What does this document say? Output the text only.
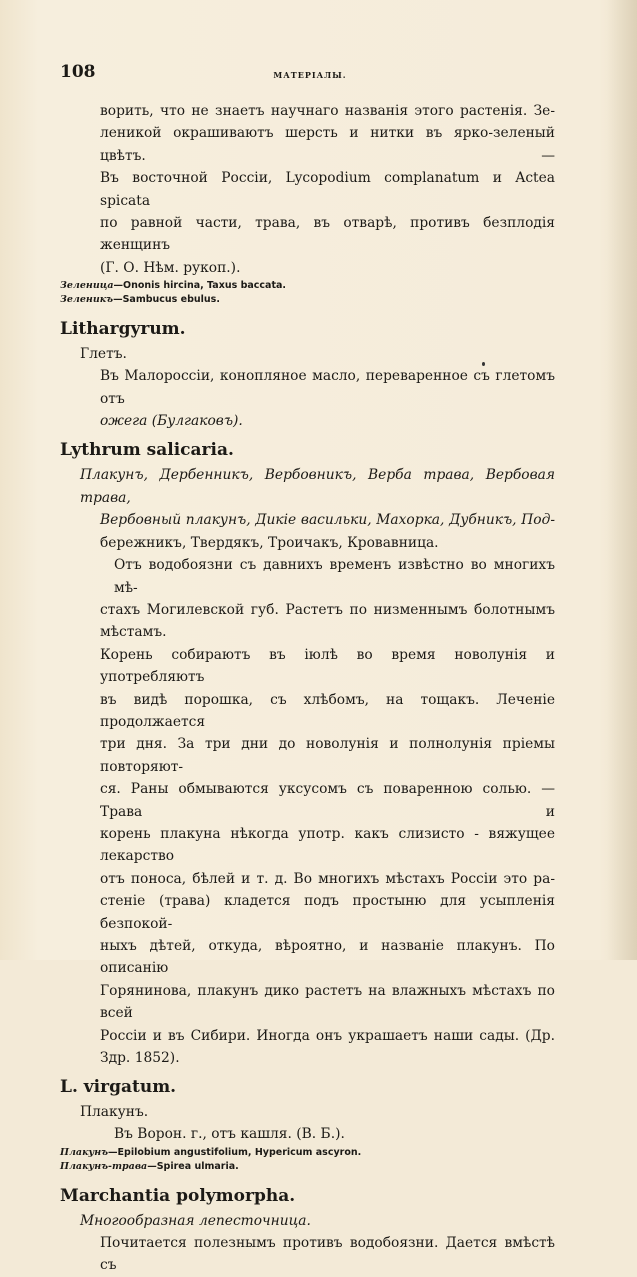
108	МАТЕРІАЛЫ.

ворить, что не знаетъ научнаго названія этого растенія. Зе-

леникой окрашиваютъ шерсть и нитки въ ярко-зеленый цвѣтъ. —

Въ восточной Россіи, Lycopodium complanatum и Actea spicata

по равной части, трава, въ отварѣ, противъ безплодія женщинъ

(Г. О. Нѣм. рукоп.).

Зеленица—Ononis hircina, Taxus baccata.

Зеленикъ—Sambucus ebulus.

Lithargyrum.

Глетъ.

Въ Малороссіи, конопляное масло, переваренное съ глетомъ отъ

ожега (Булгаковъ).

Lythrum salicaria.

Плакунъ, Дербенникъ, Вербовникъ, Верба трава, Вербовая трава,

Вербовный плакунъ, Дикіе васильки, Махорка, Дубникъ, Под-

бережникъ, Твердякъ, Троичакъ, Кровавница.

Отъ водобоязни съ давнихъ временъ извѣстно во многихъ мѣ-

стахъ Могилевской губ. Растетъ по низменнымъ болотнымъ мѣстамъ.

Корень собираютъ въ іюлѣ во время новолунія и употребляютъ

въ видѣ порошка, съ хлѣбомъ, на тощакъ. Леченіе продолжается

три дня. За три дни до новолунія и полнолунія пріемы повторяют-

ся. Раны обмываются уксусомъ съ поваренною солью. — Трава и

корень плакуна нѣкогда употр. какъ слизисто - вяжущее лекарство

отъ поноса, бѣлей и т. д. Во многихъ мѣстахъ Россіи это ра-

стеніе (трава) кладется подъ простыню для усыпленія безпокой-

ныхъ дѣтей, откуда, вѣроятно, и названіе плакунъ. По описанію

Горянинова, плакунъ дико растетъ на влажныхъ мѣстахъ по всей

Россіи и въ Сибири. Иногда онъ украшаетъ наши сады. (Др.

Здр. 1852).

L. virgatum.

Плакунъ.

Въ Ворон. г., отъ кашля. (В. Б.).

Плакунъ—Epilobium angustifolium, Hypericum ascyron.

Плакунъ-трава—Spirea ulmaria.

Marchantia polymorpha.

Многообразная лепесточница.

Почитается полезнымъ противъ водобоязни. Дается вмѣстѣ съ
